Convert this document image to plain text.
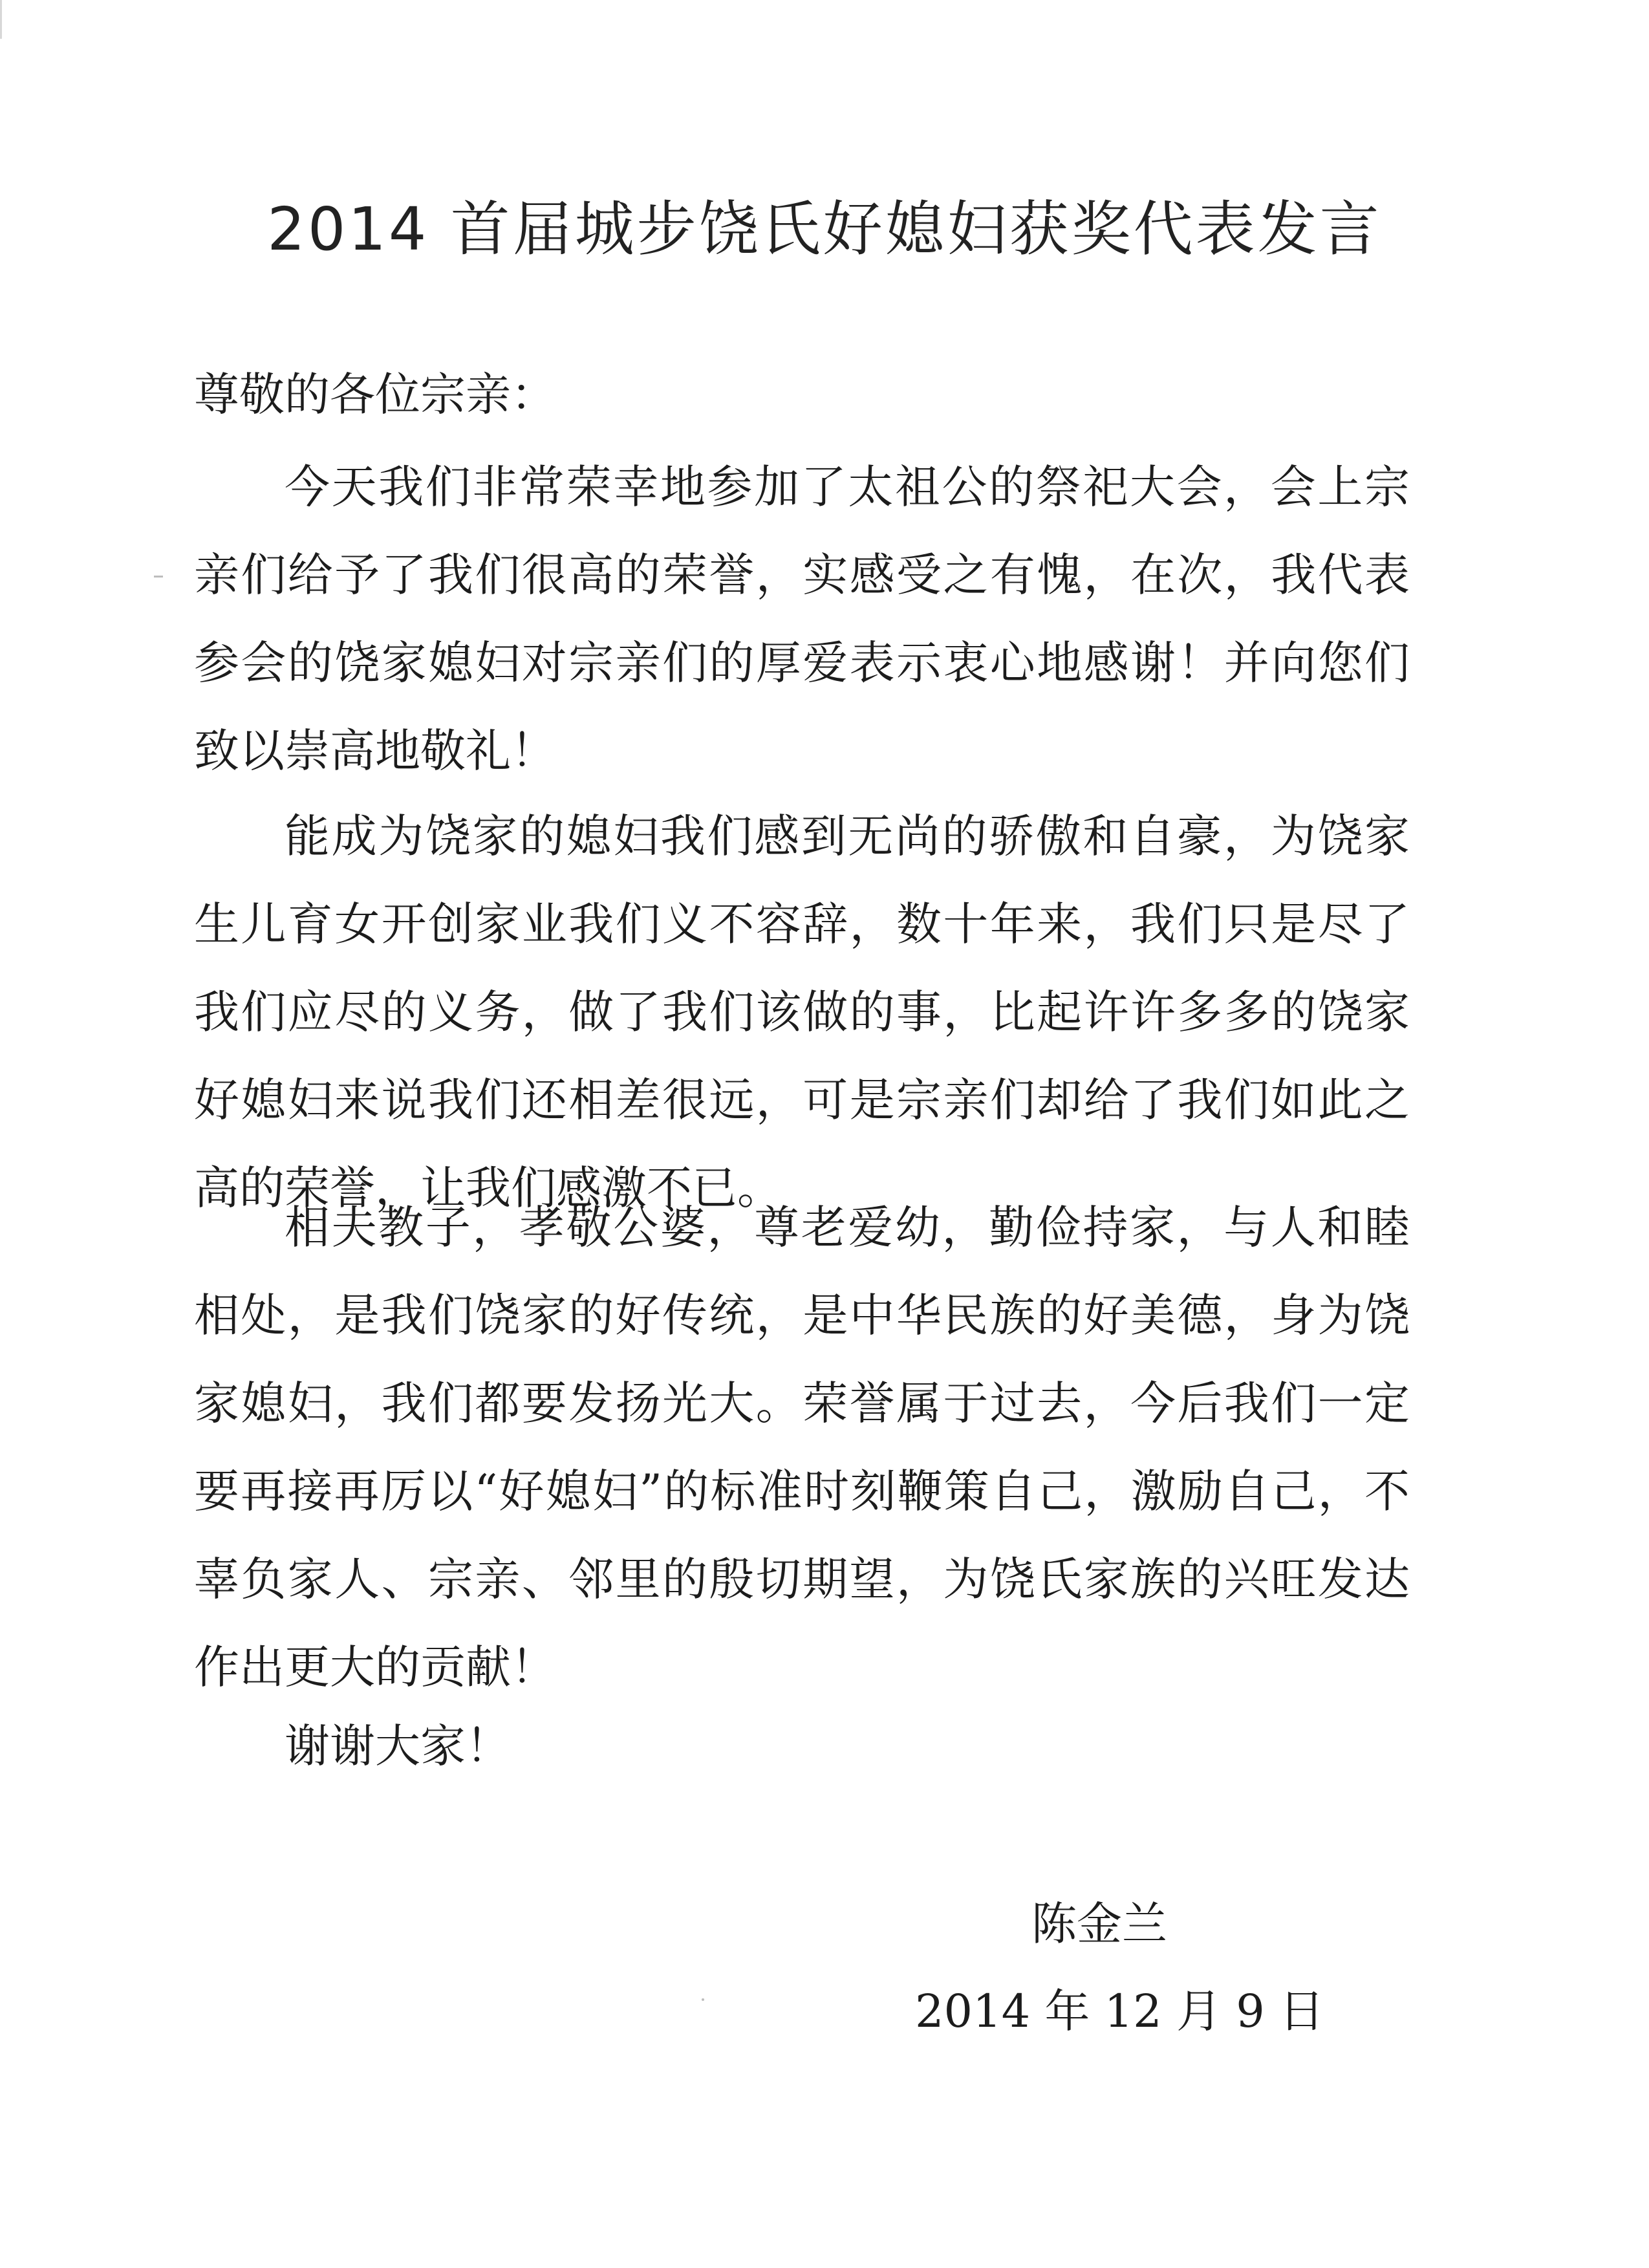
2014 首届城步饶氏好媳妇获奖代表发言
尊敬的各位宗亲：

今天我们非常荣幸地参加了太祖公的祭祀大会，会上宗亲们给予了我们很高的荣誉，实感受之有愧，在次，我代表参会的饶家媳妇对宗亲们的厚爱表示衷心地感谢！并向您们致以崇高地敬礼！

能成为饶家的媳妇我们感到无尚的骄傲和自豪，为饶家生儿育女开创家业我们义不容辞，数十年来，我们只是尽了我们应尽的义务，做了我们该做的事，比起许许多多的饶家好媳妇来说我们还相差很远，可是宗亲们却给了我们如此之高的荣誉，让我们感激不已。

相夫教子，孝敬公婆，尊老爱幼，勤俭持家，与人和睦相处，是我们饶家的好传统，是中华民族的好美德，身为饶家媳妇，我们都要发扬光大。荣誉属于过去，今后我们一定要再接再厉以“好媳妇”的标准时刻鞭策自己，激励自己，不辜负家人、宗亲、邻里的殷切期望，为饶氏家族的兴旺发达作出更大的贡献！

谢谢大家！
陈金兰
2014 年 12 月 9 日
